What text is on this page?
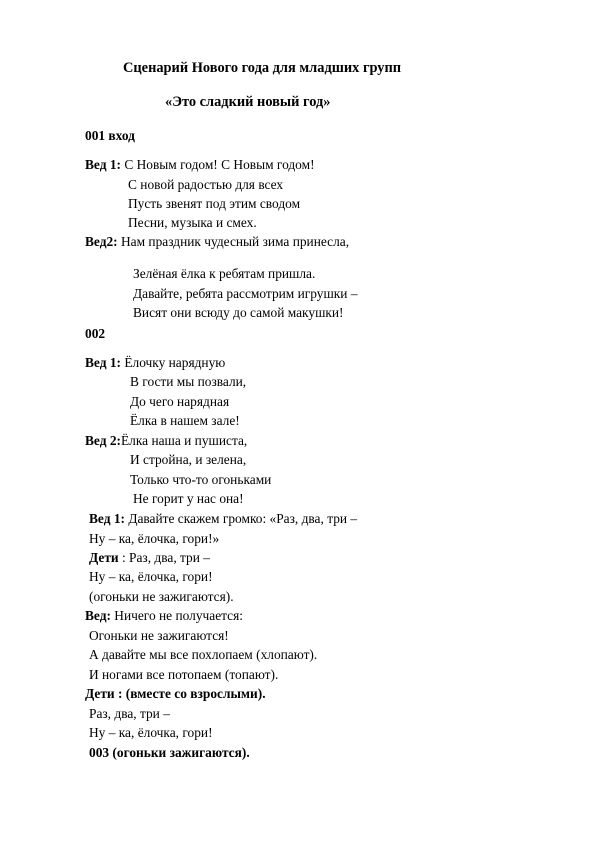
Сценарий Нового года для младших групп
«Это сладкий новый год»
001 вход
Вед 1: С Новым годом! С Новым годом!
С новой радостью для всех
Пусть звенят под этим сводом
Песни, музыка и смех.
Вед2: Нам праздник чудесный зима принесла,
Зелёная ёлка к ребятам пришла.
Давайте, ребята рассмотрим игрушки –
Висят они всюду до самой макушки!
002
Вед 1: Ёлочку нарядную
В гости мы позвали,
До чего нарядная
Ёлка в нашем зале!
Вед 2:Ёлка наша и пушиста,
И стройна, и зелена,
Только что-то огоньками
Не горит у нас она!
Вед 1: Давайте скажем громко: «Раз, два, три –
Ну – ка, ёлочка, гори!»
Дети : Раз, два, три –
Ну – ка, ёлочка, гори!
(огоньки не зажигаются).
Вед: Ничего не получается:
Огоньки не зажигаются!
А давайте мы все похлопаем (хлопают).
И ногами все потопаем (топают).
Дети : (вместе со взрослыми).
Раз, два, три –
Ну – ка, ёлочка, гори!
003 (огоньки зажигаются).
